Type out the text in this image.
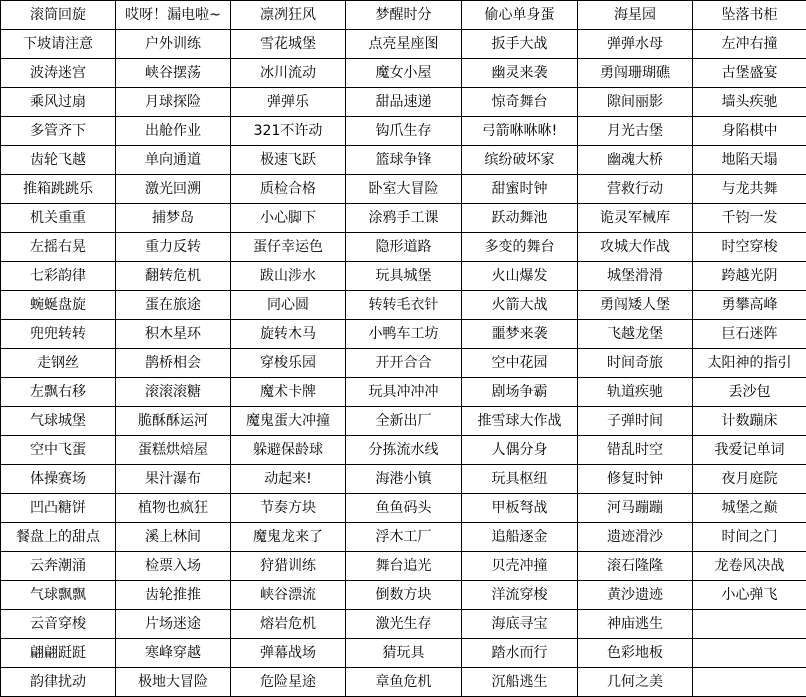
滚筒回旋	哎呀！漏电啦~	凛冽狂风	梦醒时分	偷心单身蛋	海星园	坠落书柜
下坡请注意	户外训练	雪花城堡	点亮星座图	扳手大战	弹弹水母	左冲右撞
波涛迷宫	峡谷摆荡	冰川流动	魔女小屋	幽灵来袭	勇闯珊瑚礁	古堡盛宴
乘风过扇	月球探险	弹弹乐	甜品速递	惊奇舞台	隙间丽影	墙头疾驰
多管齐下	出舱作业	321不许动	钩爪生存	弓箭咻咻咻!	月光古堡	身陷棋中
齿轮飞越	单向通道	极速飞跃	篮球争锋	缤纷破坏家	幽魂大桥	地陷天塌
推箱跳跳乐	激光回溯	质检合格	卧室大冒险	甜蜜时钟	营救行动	与龙共舞
机关重重	捕梦岛	小心脚下	涂鸦手工课	跃动舞池	诡灵军械库	千钧一发
左摇右晃	重力反转	蛋仔幸运色	隐形道路	多变的舞台	攻城大作战	时空穿梭
七彩韵律	翻转危机	跋山涉水	玩具城堡	火山爆发	城堡滑滑	跨越光阴
蜿蜒盘旋	蛋在旅途	同心圆	转转毛衣针	火箭大战	勇闯矮人堡	勇攀高峰
兜兜转转	积木星环	旋转木马	小鸭车工坊	噩梦来袭	飞越龙堡	巨石迷阵
走钢丝	鹊桥相会	穿梭乐园	开开合合	空中花园	时间奇旅	太阳神的指引
左飘右移	滚滚滚糖	魔术卡牌	玩具冲冲冲	剧场争霸	轨道疾驰	丢沙包
气球城堡	脆酥酥运河	魔鬼蛋大冲撞	全新出厂	推雪球大作战	子弹时间	计数蹦床
空中飞蛋	蛋糕烘焙屋	躲避保龄球	分拣流水线	人偶分身	错乱时空	我爱记单词
体操赛场	果汁瀑布	动起来!	海港小镇	玩具枢纽	修复时钟	夜月庭院
凹凸糖饼	植物也疯狂	节奏方块	鱼鱼码头	甲板弩战	河马蹦蹦	城堡之巅
餐盘上的甜点	溪上林间	魔鬼龙来了	浮木工厂	追船逐金	遗迹滑沙	时间之门
云奔潮涌	检票入场	狩猎训练	舞台追光	贝壳冲撞	滚石隆隆	龙卷风决战
气球飘飘	齿轮推推	峡谷漂流	倒数方块	洋流穿梭	黄沙遗迹	小心弹飞
云音穿梭	片场迷途	熔岩危机	激光生存	海底寻宝	神庙逃生	
翩翩跹跹	寒峰穿越	弹幕战场	猜玩具	踏水而行	色彩地板	
韵律扰动	极地大冒险	危险星途	章鱼危机	沉船逃生	几何之美	
